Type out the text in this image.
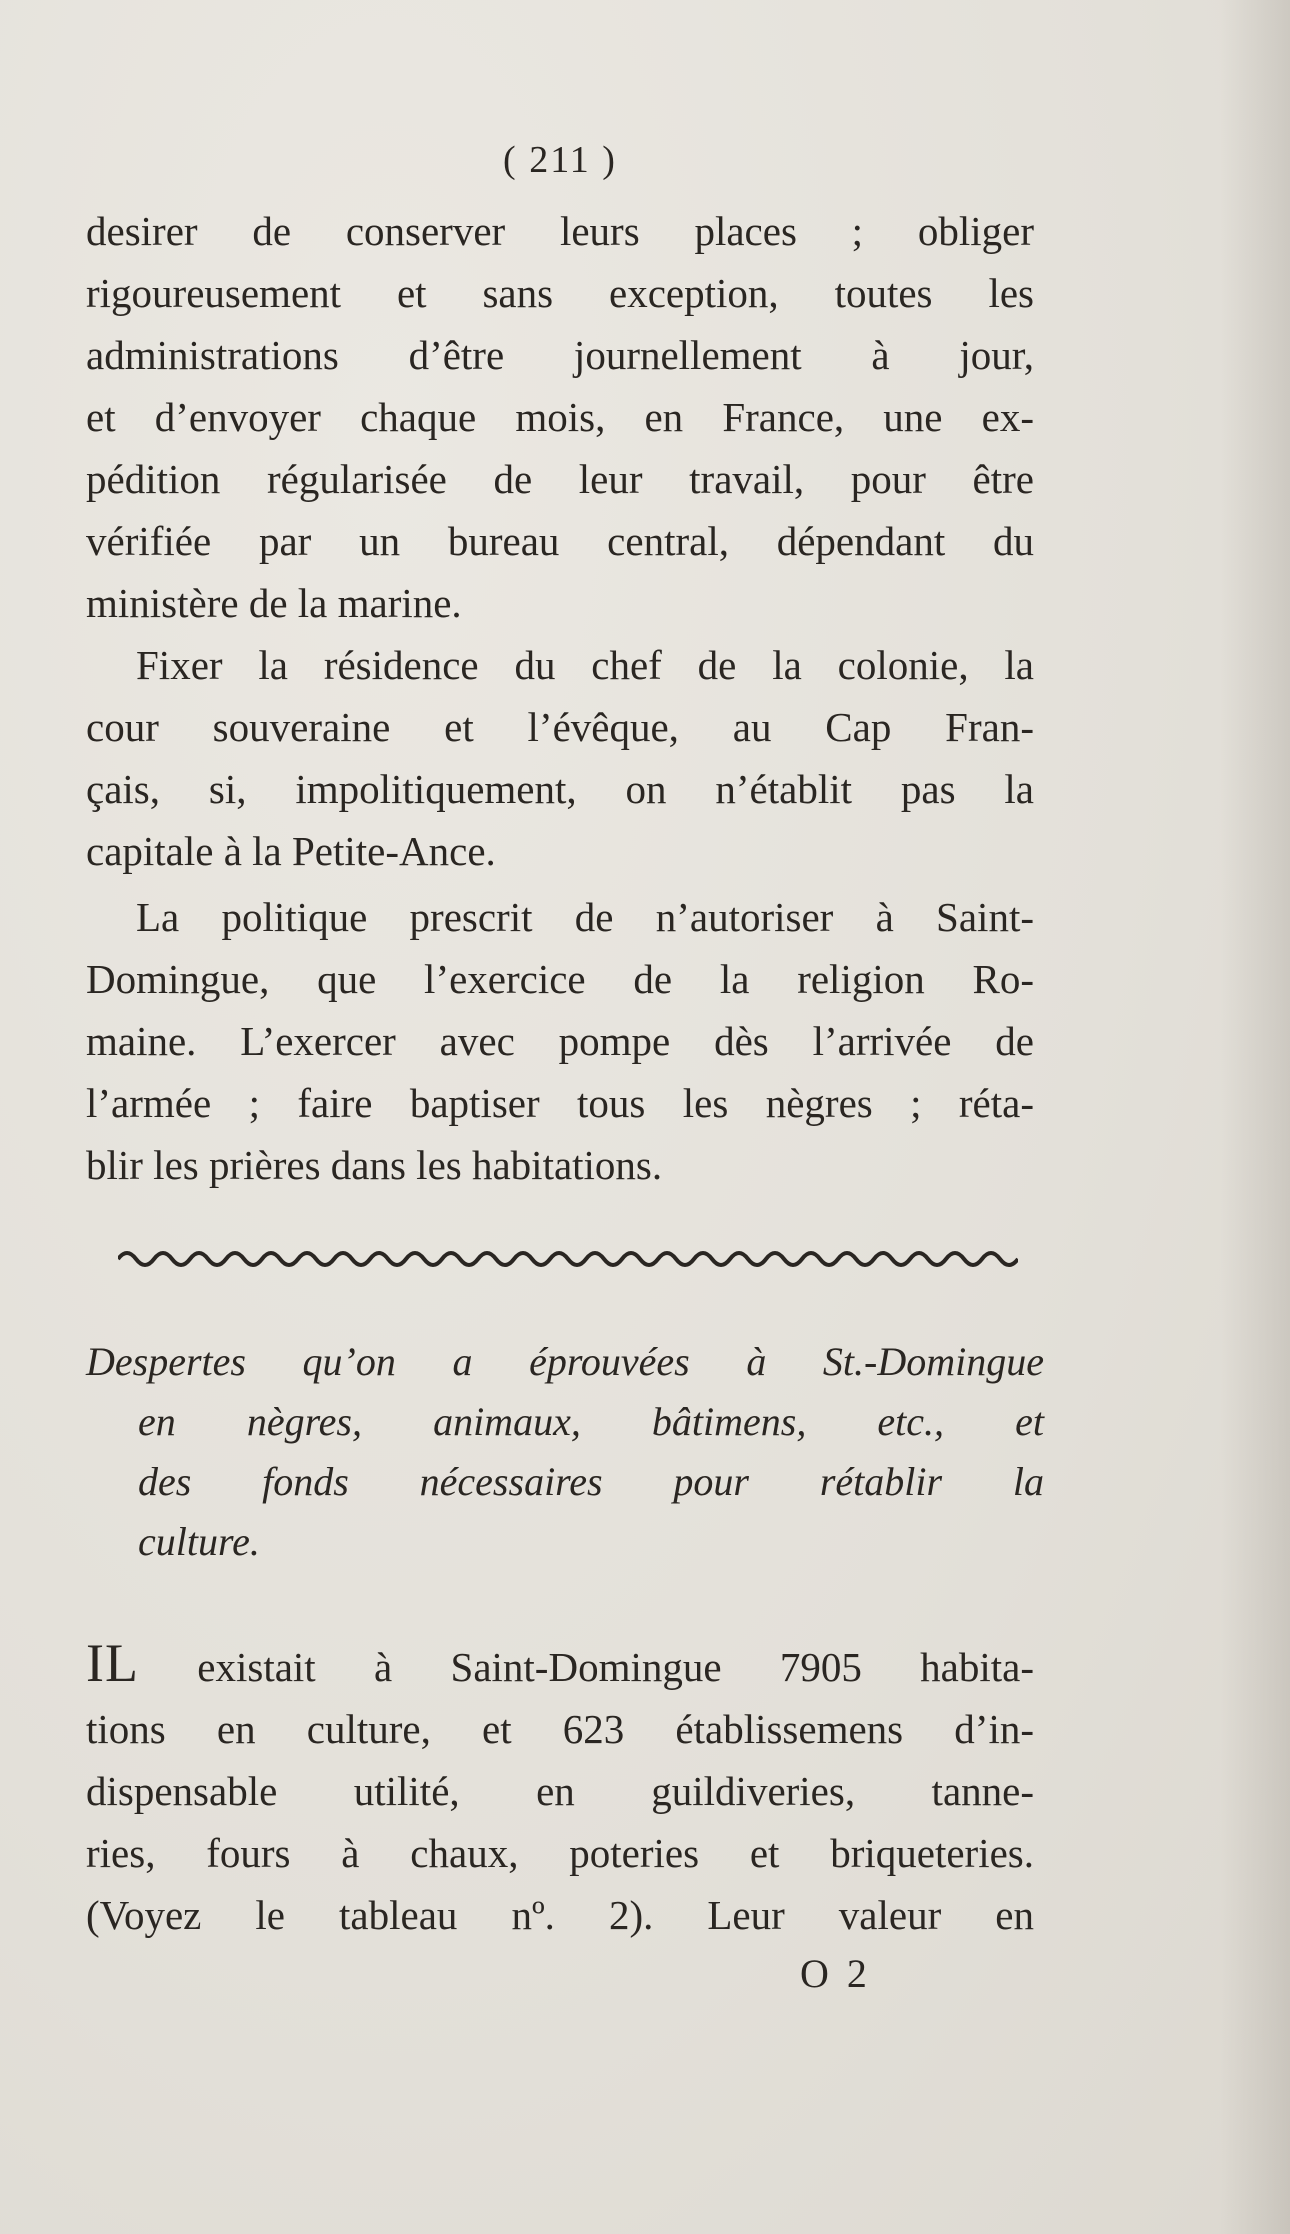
( 211 )
desirer de conserver leurs places ; obliger
rigoureusement et sans exception, toutes les
administrations d’être journellement à jour,
et d’envoyer chaque mois, en France, une ex-
pédition régularisée de leur travail, pour être
vérifiée par un bureau central, dépendant du
ministère de la marine.
Fixer la résidence du chef de la colonie, la
cour souveraine et l’évêque, au Cap Fran-
çais, si, impolitiquement, on n’établit pas la
capitale à la Petite-Ance.
La politique prescrit de n’autoriser à Saint-
Domingue, que l’exercice de la religion Ro-
maine. L’exercer avec pompe dès l’arrivée de
l’armée ; faire baptiser tous les nègres ; réta-
blir les prières dans les habitations.
Despertes qu’on a éprouvées à St.-Domingue
en nègres, animaux, bâtimens, etc., et
des fonds nécessaires pour rétablir la
culture.
IL existait à Saint-Domingue 7905 habita-
tions en culture, et 623 établissemens d’in-
dispensable utilité, en guildiveries, tanne-
ries, fours à chaux, poteries et briqueteries.
(Voyez le tableau nº. 2). Leur valeur en
O 2
